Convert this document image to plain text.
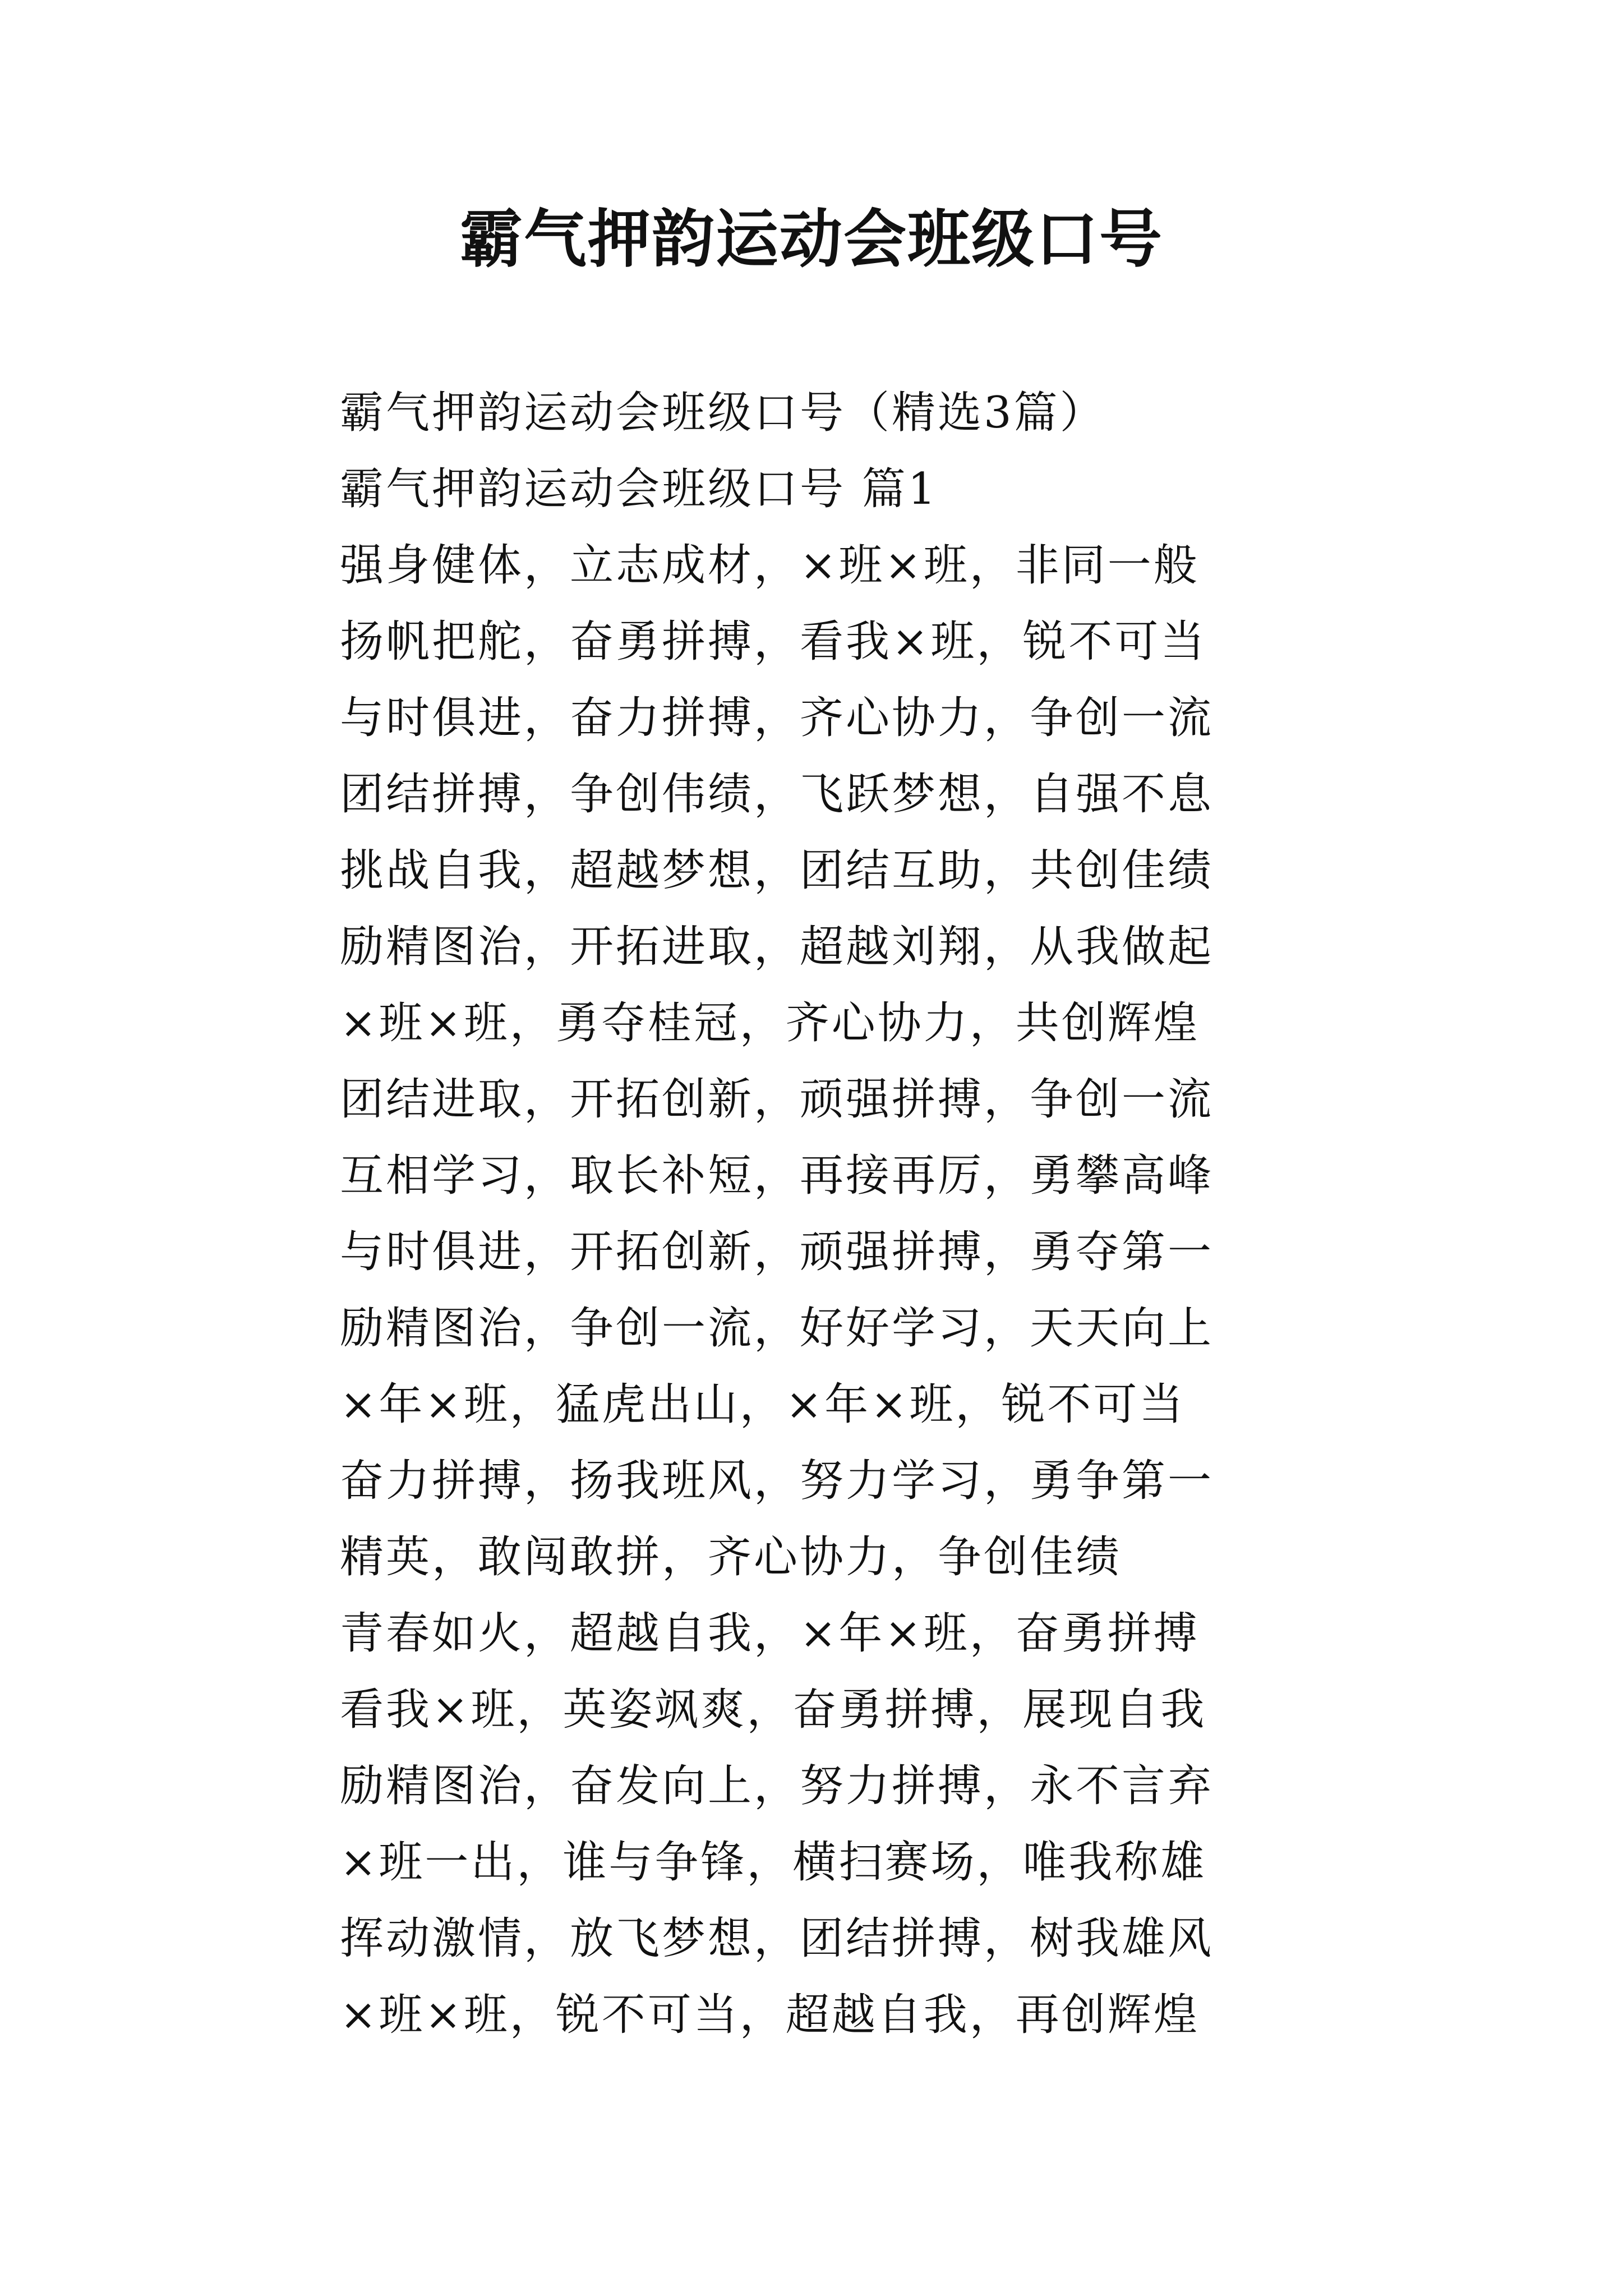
霸气押韵运动会班级口号
霸气押韵运动会班级口号（精选3篇）
霸气押韵运动会班级口号 篇1
强身健体，立志成材，×班×班，非同一般
扬帆把舵，奋勇拼搏，看我×班，锐不可当
与时俱进，奋力拼搏，齐心协力，争创一流
团结拼搏，争创伟绩，飞跃梦想，自强不息
挑战自我，超越梦想，团结互助，共创佳绩
励精图治，开拓进取，超越刘翔，从我做起
×班×班，勇夺桂冠，齐心协力，共创辉煌
团结进取，开拓创新，顽强拼搏，争创一流
互相学习，取长补短，再接再厉，勇攀高峰
与时俱进，开拓创新，顽强拼搏，勇夺第一
励精图治，争创一流，好好学习，天天向上
×年×班，猛虎出山，×年×班，锐不可当
奋力拼搏，扬我班风，努力学习，勇争第一
精英，敢闯敢拼，齐心协力，争创佳绩
青春如火，超越自我，×年×班，奋勇拼搏
看我×班，英姿飒爽，奋勇拼搏，展现自我
励精图治，奋发向上，努力拼搏，永不言弃
×班一出，谁与争锋，横扫赛场，唯我称雄
挥动激情，放飞梦想，团结拼搏，树我雄风
×班×班，锐不可当，超越自我，再创辉煌
